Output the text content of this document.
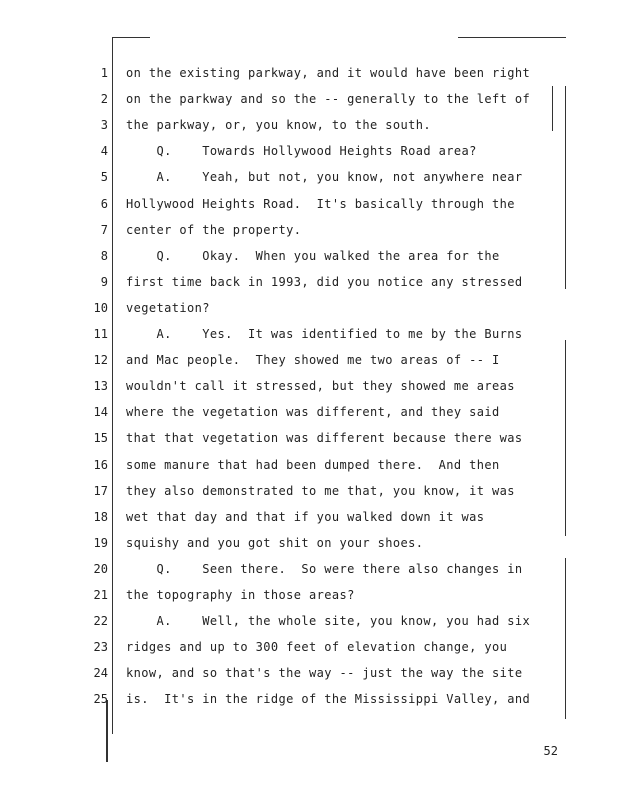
1 on the existing parkway, and it would have been right
2 on the parkway and so the -- generally to the left of
3 the parkway, or, you know, to the south.
4 Q.    Towards Hollywood Heights Road area?
5 A.    Yeah, but not, you know, not anywhere near
6 Hollywood Heights Road.  It's basically through the
7 center of the property.
8 Q.    Okay.  When you walked the area for the
9 first time back in 1993, did you notice any stressed
10 vegetation?
11 A.    Yes.  It was identified to me by the Burns
12 and Mac people.  They showed me two areas of -- I
13 wouldn't call it stressed, but they showed me areas
14 where the vegetation was different, and they said
15 that that vegetation was different because there was
16 some manure that had been dumped there.  And then
17 they also demonstrated to me that, you know, it was
18 wet that day and that if you walked down it was
19 squishy and you got shit on your shoes.
20 Q.    Seen there.  So were there also changes in
21 the topography in those areas?
22 A.    Well, the whole site, you know, you had six
23 ridges and up to 300 feet of elevation change, you
24 know, and so that's the way -- just the way the site
25 is.  It's in the ridge of the Mississippi Valley, and
52
